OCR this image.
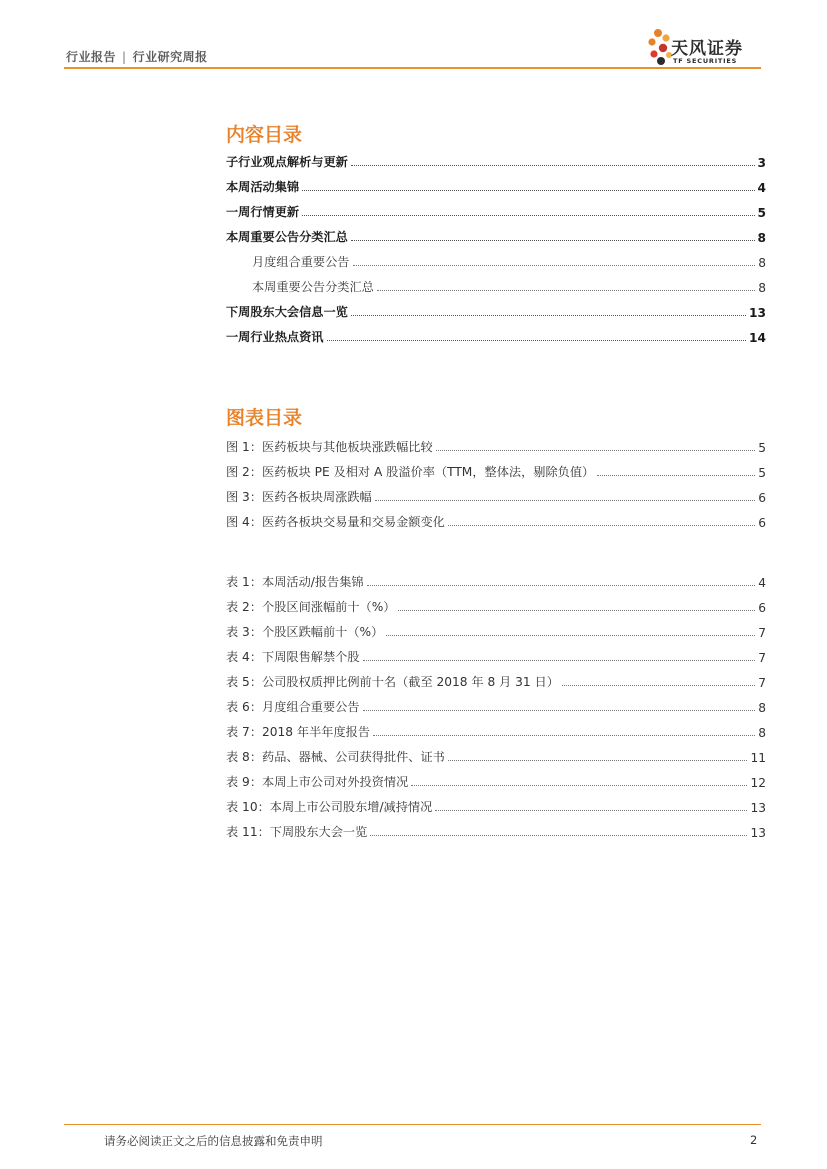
行业报告 | 行业研究周报	天风证券
TF SECURITIES
内容目录
子行业观点解析与更新	3
本周活动集锦	4
一周行情更新	5
本周重要公告分类汇总	8
月度组合重要公告	8
本周重要公告分类汇总	8
下周股东大会信息一览	13
一周行业热点资讯	14
图表目录
图 1：医药板块与其他板块涨跌幅比较	5
图 2：医药板块 PE 及相对 A 股溢价率（TTM，整体法，剔除负值）	5
图 3：医药各板块周涨跌幅	6
图 4：医药各板块交易量和交易金额变化	6
表 1：本周活动/报告集锦	4
表 2：个股区间涨幅前十（%）	6
表 3：个股区跌幅前十（%）	7
表 4：下周限售解禁个股	7
表 5：公司股权质押比例前十名（截至 2018 年 8 月 31 日）	7
表 6：月度组合重要公告	8
表 7：2018 年半年度报告	8
表 8：药品、器械、公司获得批件、证书	11
表 9：本周上市公司对外投资情况	12
表 10：本周上市公司股东增/减持情况	13
表 11：下周股东大会一览	13
请务必阅读正文之后的信息披露和免责申明	2
